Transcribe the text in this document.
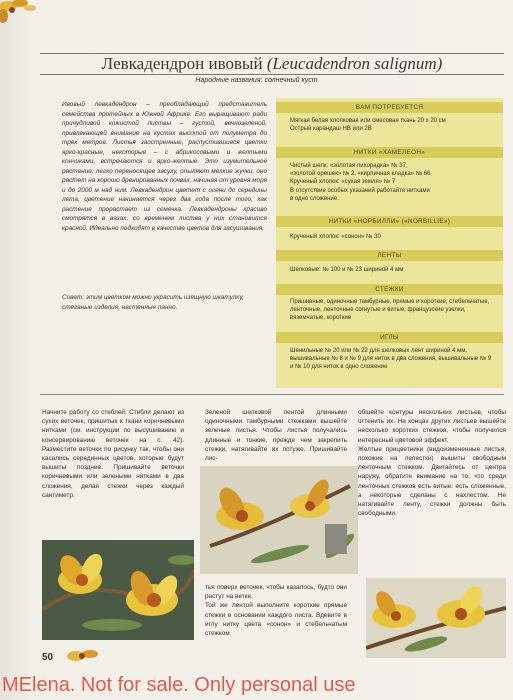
Левкадендрон ивовый (Leucadendron salignum)
Народные названия: солнечный куст
Ивовый левкадендрон – преобладающий представитель семейства протейных в Южной Африке. Его выращивают ради причудливой кожистой листвы – густой, вечнозеленой, привлекающей внимание на кустах высотой от полуметра до трех метров. Листья заостренные, распустившиеся цветки ярко-красные, некоторые – с абрикосовыми и желтыми кончиками, встречаются и ярко-желтые. Это изумительное растение, легко переносящее засуху, опыляют мелкие жучки, оно растет на хорошо дренированных почвах, начиная от уровня моря и до 2000 м над ним. Левкадендрон цветет с осени до середины лета, цветение начинается через два года после того, как растение прорастает из семечка. Левкадендроны красиво смотрятся в вазах, со временем листва у них становится красной. Идеально подходят в качестве цветов для засушивания.
Совет: этим цветком можно украсить изящную шкатулку, стеганые изделия, настенные панно.
ВАМ ПОТРЕБУЕТСЯ
Мягкая белая хлопковая или смесовая ткань 20 х 20 см
Острый карандаш НВ или 2В
НИТКИ «ХАМЕЛЕОН»
Чистый шелк: «золотая лихорадка» № 37,
«золотой орешек» № 2, «кирпичная кладка» № 66
Крученый хлопок: «сухая земля» № 7
В отсутствие особых указаний работайте нитками
в одно сложение.
НИТКИ «НОРБИЛЛИ» («NORBILLIE»)
Крученый хлопок: «сонон» № 30
ЛЕНТЫ
Шелковые: № 100 и № 23 шириной 4 мм
СТЕЖКИ
Пришивные, одиночные тамбурные, прямые и короткие, стебельчатые, ленточные, ленточные согнутые и витые, французские узелки, вяземчатые, короткие
ИГЛЫ
Шенильные № 20 или № 22 для шелковых лент шириной 4 мм, вышивальные № 8 и № 9 для ниток в два сложения, вышивальные № 9 и № 10 для ниток в одно сложение
Начните работу со стеблей. Стебли делают из сухих веточек, пришитых к ткани коричневыми нитками (см. инструкции по высушиванию и консервированию веточек на с. 42). Разместите веточки по рисунку так, чтобы они касались серединных цветов, которые будут вышиты позднее. Пришивайте веточки коричневыми или зелеными нитками в два сложения, делая стежки через каждый сантиметр.
Зеленой шелковой лентой длинными одиночными тамбурными стежками вышейте зеленые листья. Чтобы листья получались длинные и тонкие, прежде чем закрепить стежки, натягивайте их потуже. Пришивайте лис-
тья поверх веточек, чтобы казалось, будто они растут на ветке.
Той же лентой выполните короткие прямые стежки в основании каждого листа. Вдевите в иглу нитку цвета «сонон» и стебельчатым стежком
обшейте контуры нескольких листьев, чтобы оттенить их. На концах других листьев вышейте несколько коротких стежков, чтобы получился интересный цветовой эффект.
Желтые прицветники (видоизмененные листья, похожие на лепестки) вышиты свободным ленточным стежком. Двигайтесь от центра наружу, обратите внимание на то, что среди ленточных стежков есть витые: есть сложенные, а некоторые сделаны с нахлестом. Не натягивайте ленту, стежки должны быть свободными.
50
MElena. Not for sale. Only personal use
